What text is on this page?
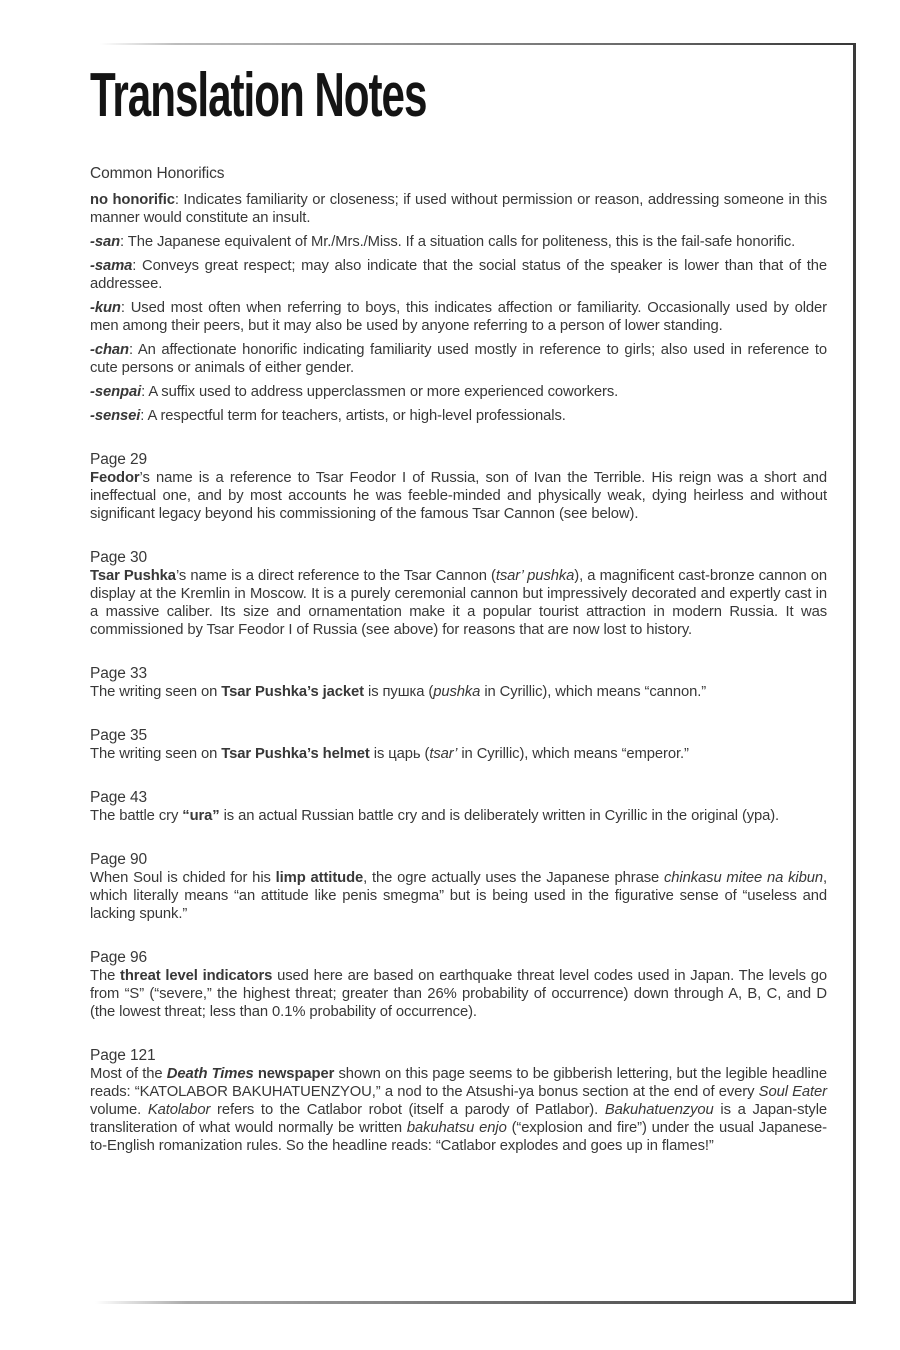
Translation Notes
Common Honorifics

no honorific: Indicates familiarity or closeness; if used without permission or reason, addressing someone in this manner would constitute an insult.

-san: The Japanese equivalent of Mr./Mrs./Miss. If a situation calls for politeness, this is the fail-safe honorific.

-sama: Conveys great respect; may also indicate that the social status of the speaker is lower than that of the addressee.

-kun: Used most often when referring to boys, this indicates affection or familiarity. Occasionally used by older men among their peers, but it may also be used by anyone referring to a person of lower standing.

-chan: An affectionate honorific indicating familiarity used mostly in reference to girls; also used in reference to cute persons or animals of either gender.

-senpai: A suffix used to address upperclassmen or more experienced coworkers.

-sensei: A respectful term for teachers, artists, or high-level professionals.

Page 29

Feodor’s name is a reference to Tsar Feodor I of Russia, son of Ivan the Terrible. His reign was a short and ineffectual one, and by most accounts he was feeble-minded and physically weak, dying heirless and without significant legacy beyond his commissioning of the famous Tsar Cannon (see below).

Page 30

Tsar Pushka’s name is a direct reference to the Tsar Cannon (tsar’ pushka), a magnificent cast-bronze cannon on display at the Kremlin in Moscow. It is a purely ceremonial cannon but impressively decorated and expertly cast in a massive caliber. Its size and ornamentation make it a popular tourist attraction in modern Russia. It was commissioned by Tsar Feodor I of Russia (see above) for reasons that are now lost to history.

Page 33

The writing seen on Tsar Pushka’s jacket is пушка (pushka in Cyrillic), which means “cannon.”

Page 35

The writing seen on Tsar Pushka’s helmet is царь (tsar’ in Cyrillic), which means “emperor.”

Page 43

The battle cry “ura” is an actual Russian battle cry and is deliberately written in Cyrillic in the original (ура).

Page 90

When Soul is chided for his limp attitude, the ogre actually uses the Japanese phrase chinkasu mitee na kibun, which literally means “an attitude like penis smegma” but is being used in the figurative sense of “useless and lacking spunk.”

Page 96

The threat level indicators used here are based on earthquake threat level codes used in Japan. The levels go from “S” (“severe,” the highest threat; greater than 26% probability of occurrence) down through A, B, C, and D (the lowest threat; less than 0.1% probability of occurrence).

Page 121

Most of the Death Times newspaper shown on this page seems to be gibberish lettering, but the legible headline reads: “KATOLABOR BAKUHATUENZYOU,” a nod to the Atsushi-ya bonus section at the end of every Soul Eater volume. Katolabor refers to the Catlabor robot (itself a parody of Patlabor). Bakuhatuenzyou is a Japan-style transliteration of what would normally be written bakuhatsu enjo (“explosion and fire”) under the usual Japanese-to-English romanization rules. So the headline reads: “Catlabor explodes and goes up in flames!”
